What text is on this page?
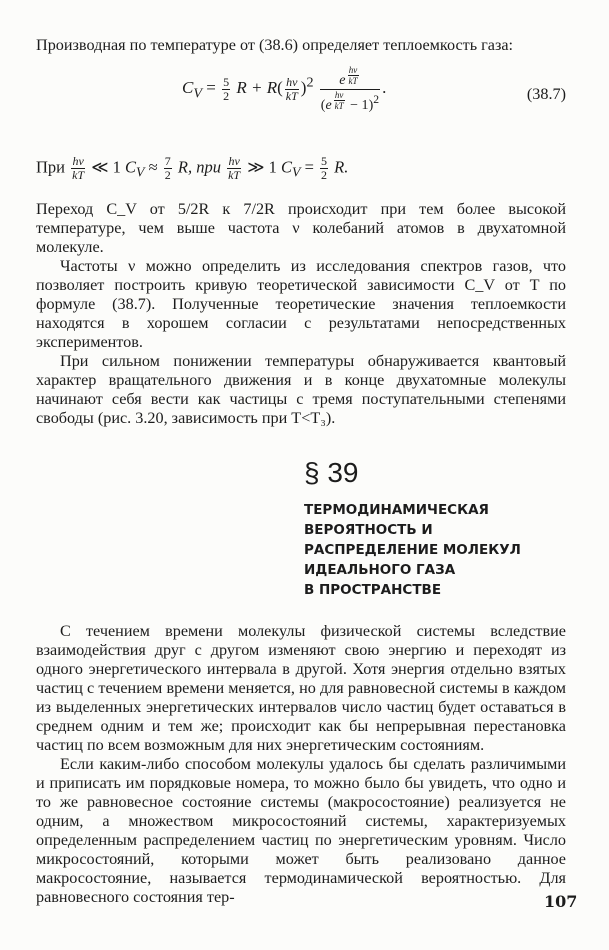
Производная по температуре от (38.6) определяет теплоемкость газа:

$C_V = \frac{5}{2}$ $R + R( \frac{h\nu}{kT} )^2$ e $^{\frac{h\nu}{kT}}$
(e $^{\frac{h\nu}{kT}}$ − 1)$^2$ .	(38.7)

При $\frac{h\nu}{kT}$ ≪ 1 $C_V \approx \frac{7}{2} R$, при $\frac{h\nu}{kT}$ ≫ 1 $C_V = \frac{5}{2} R$.

Переход C_V от 5/2R к 7/2R происходит при тем более высокой температуре, чем выше частота ν колебаний атомов в двухатомной молекуле.

Частоты ν можно определить из исследования спектров газов, что позволяет построить кривую теоретической зависимости C_V от T по формуле (38.7). Полученные теоретические значения теплоемкости находятся в хорошем согласии с результатами непосредственных экспериментов.

При сильном понижении температуры обнаруживается квантовый характер вращательного движения и в конце двухатомные молекулы начинают себя вести как частицы с тремя поступательными степенями свободы (рис. 3.20, зависимость при T<T₃).

§ 39

ТЕРМОДИНАМИЧЕСКАЯ

ВЕРОЯТНОСТЬ И

РАСПРЕДЕЛЕНИЕ МОЛЕКУЛ

ИДЕАЛЬНОГО ГАЗА

В ПРОСТРАНСТВЕ

С течением времени молекулы физической системы вследствие взаимодействия друг с другом изменяют свою энергию и переходят из одного энергетического интервала в другой. Хотя энергия отдельно взятых частиц с течением времени меняется, но для равновесной системы в каждом из выделенных энергетических интервалов число частиц будет оставаться в среднем одним и тем же; происходит как бы непрерывная перестановка частиц по всем возможным для них энергетическим состояниям.

Если каким-либо способом молекулы удалось бы сделать различимыми и приписать им порядковые номера, то можно было бы увидеть, что одно и то же равновесное состояние системы (макросостояние) реализуется не одним, а множеством микросостояний системы, характеризуемых определенным распределением частиц по энергетическим уровням. Число микросостояний, которыми может быть реализовано данное макросостояние, называется термодинамической вероятностью. Для равновесного состояния тер-	107
